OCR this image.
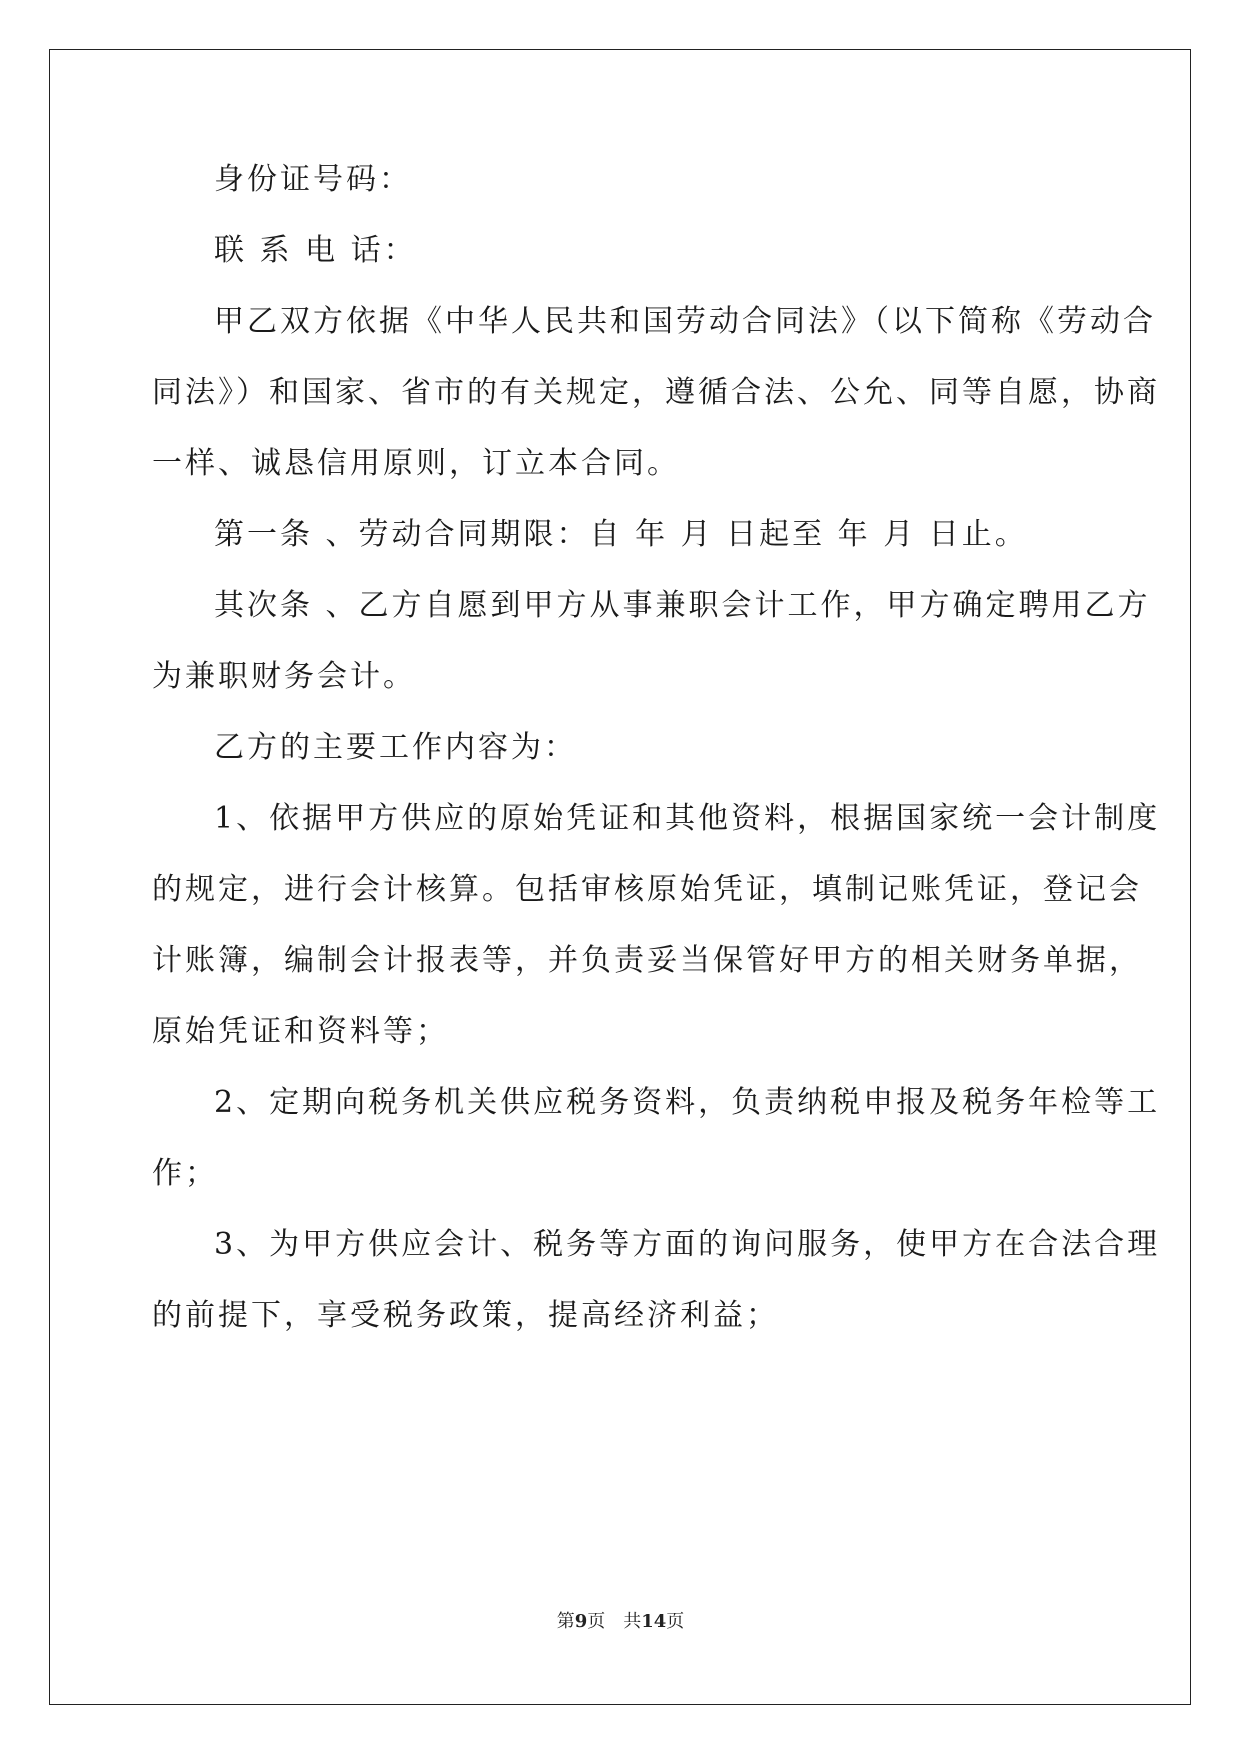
身份证号码：
联 系 电 话：
甲乙双方依据《中华人民共和国劳动合同法》（以下简称《劳动合
同法》）和国家、省市的有关规定，遵循合法、公允、同等自愿，协商
一样、诚恳信用原则，订立本合同。
第一条 、劳动合同期限：自 年 月 日起至 年 月 日止。
其次条 、乙方自愿到甲方从事兼职会计工作，甲方确定聘用乙方
为兼职财务会计。
乙方的主要工作内容为：
1、依据甲方供应的原始凭证和其他资料，根据国家统一会计制度
的规定，进行会计核算。包括审核原始凭证，填制记账凭证，登记会
计账簿，编制会计报表等，并负责妥当保管好甲方的相关财务单据，
原始凭证和资料等；
2、定期向税务机关供应税务资料，负责纳税申报及税务年检等工
作；
3、为甲方供应会计、税务等方面的询问服务，使甲方在合法合理
的前提下，享受税务政策，提高经济利益；
第9页 共14页
